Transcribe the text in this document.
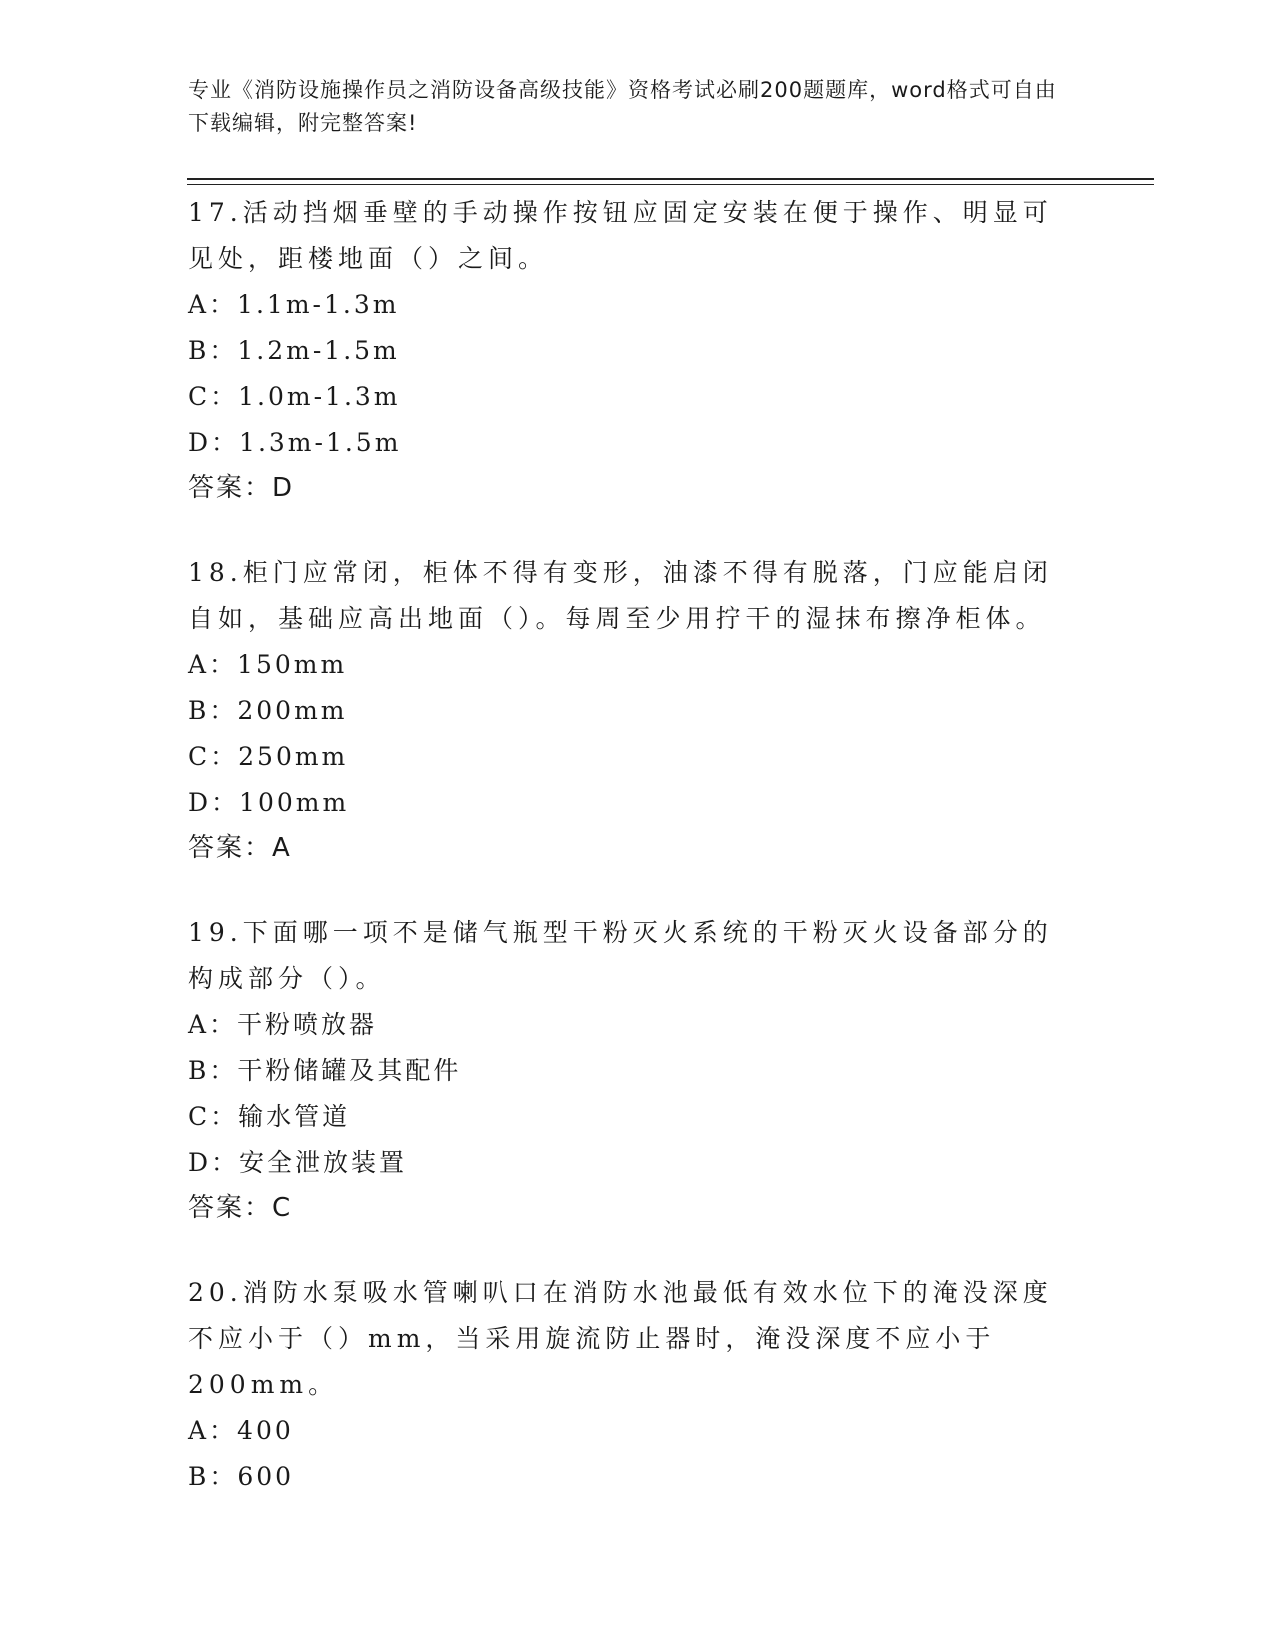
专业《消防设施操作员之消防设备高级技能》资格考试必刷200题题库，word格式可自由下载编辑，附完整答案!

17.活动挡烟垂壁的手动操作按钮应固定安装在便于操作、明显可见处，距楼地面（）之间。

A：1.1m-1.3m

B：1.2m-1.5m

C：1.0m-1.3m

D：1.3m-1.5m

答案：D

18.柜门应常闭，柜体不得有变形，油漆不得有脱落，门应能启闭自如，基础应高出地面（）。每周至少用拧干的湿抹布擦净柜体。

A：150mm

B：200mm

C：250mm

D：100mm

答案：A

19.下面哪一项不是储气瓶型干粉灭火系统的干粉灭火设备部分的构成部分（）。

A：干粉喷放器

B：干粉储罐及其配件

C：输水管道

D：安全泄放装置

答案：C

20.消防水泵吸水管喇叭口在消防水池最低有效水位下的淹没深度不应小于（）mm，当采用旋流防止器时，淹没深度不应小于200mm。

A：400

B：600
